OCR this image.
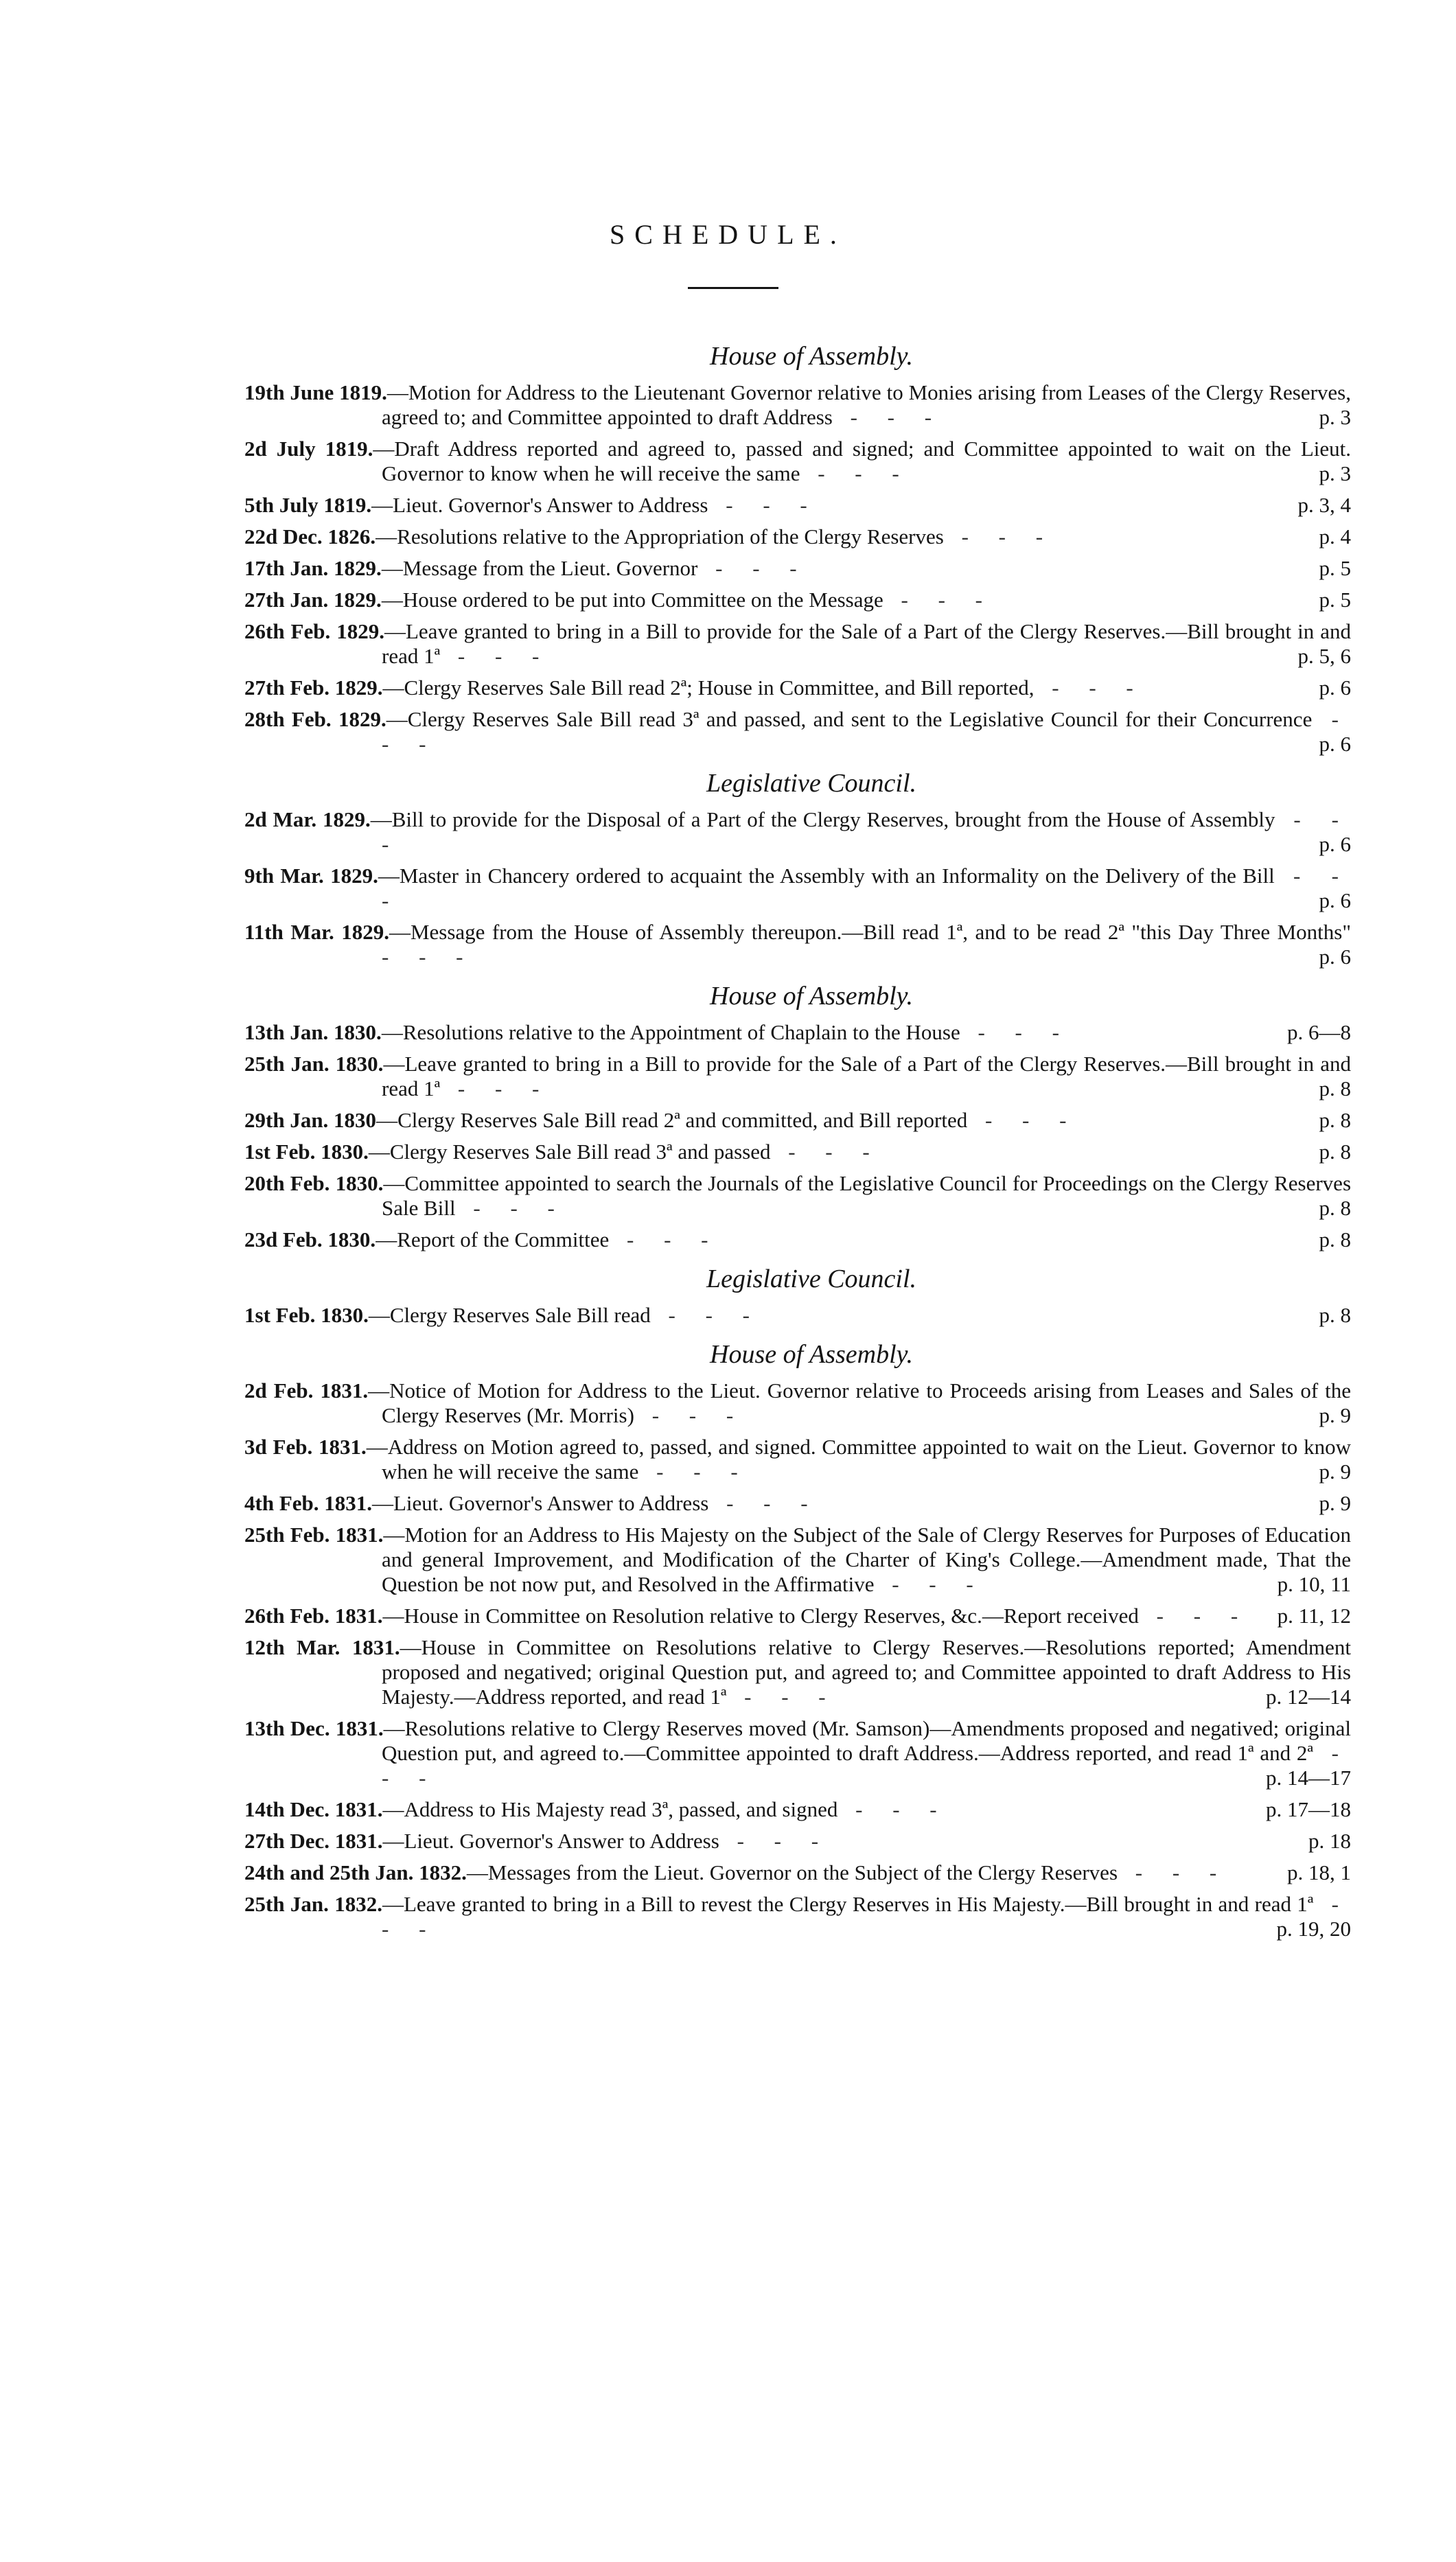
SCHEDULE.
House of Assembly.
19th June 1819.—Motion for Address to the Lieutenant Governor relative to Monies arising from Leases of the Clergy Reserves, agreed to; and Committee appointed to draft Address - - -	p. 3
2d July 1819.—Draft Address reported and agreed to, passed and signed; and Committee appointed to wait on the Lieut. Governor to know when he will receive the same - - -	p. 3
5th July 1819.—Lieut. Governor's Answer to Address - - -	p. 3, 4
22d Dec. 1826.—Resolutions relative to the Appropriation of the Clergy Reserves - - -	p. 4
17th Jan. 1829.—Message from the Lieut. Governor - - -	p. 5
27th Jan. 1829.—House ordered to be put into Committee on the Message - - -	p. 5
26th Feb. 1829.—Leave granted to bring in a Bill to provide for the Sale of a Part of the Clergy Reserves.—Bill brought in and read 1ª - - -	p. 5, 6
27th Feb. 1829.—Clergy Reserves Sale Bill read 2ª; House in Committee, and Bill reported, - - -	p. 6
28th Feb. 1829.—Clergy Reserves Sale Bill read 3ª and passed, and sent to the Legislative Council for their Concurrence - - -	p. 6
Legislative Council.
2d Mar. 1829.—Bill to provide for the Disposal of a Part of the Clergy Reserves, brought from the House of Assembly - - -	p. 6
9th Mar. 1829.—Master in Chancery ordered to acquaint the Assembly with an Informality on the Delivery of the Bill - - -	p. 6
11th Mar. 1829.—Message from the House of Assembly thereupon.—Bill read 1ª, and to be read 2ª "this Day Three Months" - - -	p. 6
House of Assembly.
13th Jan. 1830.—Resolutions relative to the Appointment of Chaplain to the House - - -	p. 6—8
25th Jan. 1830.—Leave granted to bring in a Bill to provide for the Sale of a Part of the Clergy Reserves.—Bill brought in and read 1ª - - -	p. 8
29th Jan. 1830—Clergy Reserves Sale Bill read 2ª and committed, and Bill reported - - -	p. 8
1st Feb. 1830.—Clergy Reserves Sale Bill read 3ª and passed - - -	p. 8
20th Feb. 1830.—Committee appointed to search the Journals of the Legislative Council for Proceedings on the Clergy Reserves Sale Bill - - -	p. 8
23d Feb. 1830.—Report of the Committee - - -	p. 8
Legislative Council.
1st Feb. 1830.—Clergy Reserves Sale Bill read - - -	p. 8
House of Assembly.
2d Feb. 1831.—Notice of Motion for Address to the Lieut. Governor relative to Proceeds arising from Leases and Sales of the Clergy Reserves (Mr. Morris) - - -	p. 9
3d Feb. 1831.—Address on Motion agreed to, passed, and signed. Committee appointed to wait on the Lieut. Governor to know when he will receive the same - - -	p. 9
4th Feb. 1831.—Lieut. Governor's Answer to Address - - -	p. 9
25th Feb. 1831.—Motion for an Address to His Majesty on the Subject of the Sale of Clergy Reserves for Purposes of Education and general Improvement, and Modification of the Charter of King's College.—Amendment made, That the Question be not now put, and Resolved in the Affirmative - - -	p. 10, 11
26th Feb. 1831.—House in Committee on Resolution relative to Clergy Reserves, &c.—Report received - - - p. 11, 12
12th Mar. 1831.—House in Committee on Resolutions relative to Clergy Reserves.—Resolutions reported; Amendment proposed and negatived; original Question put, and agreed to; and Committee appointed to draft Address to His Majesty.—Address reported, and read 1ª - - -	p. 12—14
13th Dec. 1831.—Resolutions relative to Clergy Reserves moved (Mr. Samson)—Amendments proposed and negatived; original Question put, and agreed to.—Committee appointed to draft Address.—Address reported, and read 1ª and 2ª - - -	p. 14—17
14th Dec. 1831.—Address to His Majesty read 3ª, passed, and signed - - -	p. 17—18
27th Dec. 1831.—Lieut. Governor's Answer to Address - - -	p. 18
24th and 25th Jan. 1832.—Messages from the Lieut. Governor on the Subject of the Clergy Reserves - - -	p. 18, 1
25th Jan. 1832.—Leave granted to bring in a Bill to revest the Clergy Reserves in His Majesty.—Bill brought in and read 1ª - - -	p. 19, 20
